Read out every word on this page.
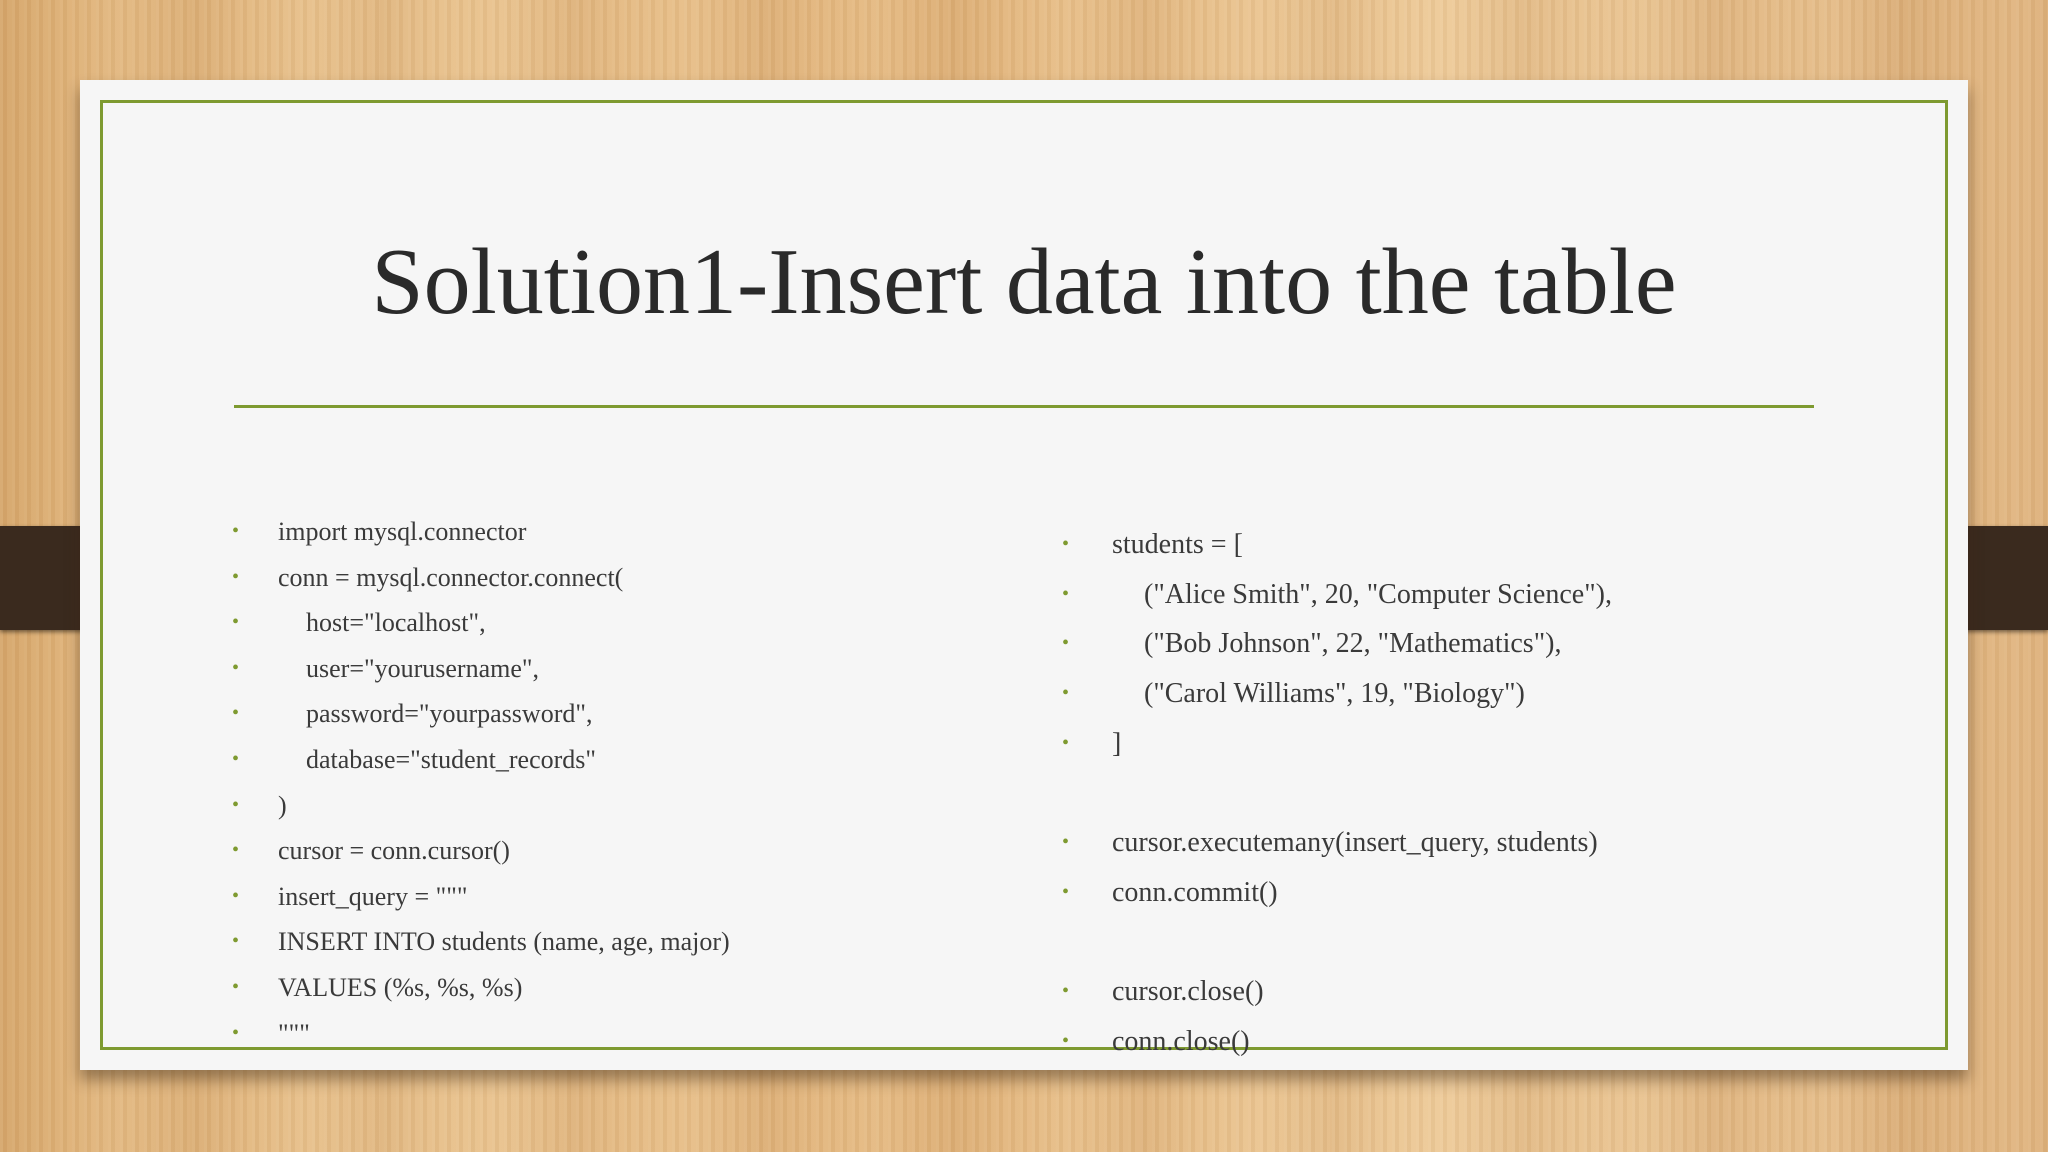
Solution1-Insert data into the table
• import mysql.connector
• conn = mysql.connector.connect(
•	host="localhost",
•	user="yourusername",
•	password="yourpassword",
•	database="student_records"
• )
• cursor = conn.cursor()
• insert_query = """
• INSERT INTO students (name, age, major)
• VALUES (%s, %s, %s)
• """
• students = [
•	("Alice Smith", 20, "Computer Science"),
•	("Bob Johnson", 22, "Mathematics"),
•	("Carol Williams", 19, "Biology")
• ]
• cursor.executemany(insert_query, students)
• conn.commit()
• cursor.close()
• conn.close()
